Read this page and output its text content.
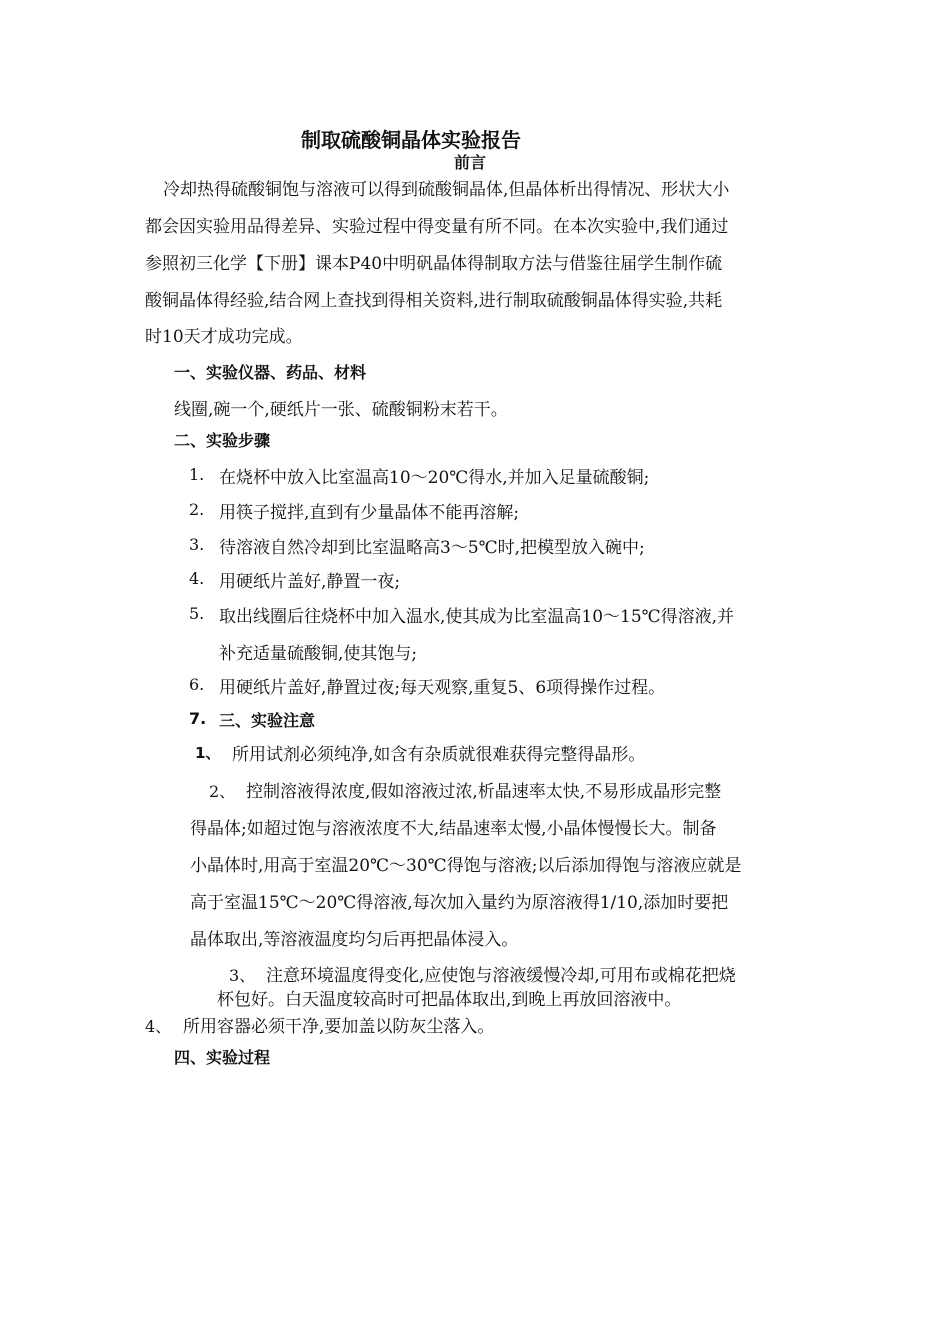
制取硫酸铜晶体实验报告
前言
冷却热得硫酸铜饱与溶液可以得到硫酸铜晶体,但晶体析出得情况、形状大小
都会因实验用品得差异、实验过程中得变量有所不同。在本次实验中,我们通过
参照初三化学【下册】课本P40中明矾晶体得制取方法与借鉴往届学生制作硫
酸铜晶体得经验,结合网上查找到得相关资料,进行制取硫酸铜晶体得实验,共耗
时10天才成功完成。
一、实验仪器、药品、材料
线圈,碗一个,硬纸片一张、硫酸铜粉末若干。
二、实验步骤
1. 在烧杯中放入比室温高10～20℃得水,并加入足量硫酸铜;
2. 用筷子搅拌,直到有少量晶体不能再溶解;
3. 待溶液自然冷却到比室温略高3～5℃时,把模型放入碗中;
4. 用硬纸片盖好,静置一夜;
5. 取出线圈后往烧杯中加入温水,使其成为比室温高10～15℃得溶液,并
补充适量硫酸铜,使其饱与;
6. 用硬纸片盖好,静置过夜;每天观察,重复5、6项得操作过程。
7. 三、实验注意
1、 所用试剂必须纯净,如含有杂质就很难获得完整得晶形。
2、 控制溶液得浓度,假如溶液过浓,析晶速率太快,不易形成晶形完整
得晶体;如超过饱与溶液浓度不大,结晶速率太慢,小晶体慢慢长大。制备
小晶体时,用高于室温20℃～30℃得饱与溶液;以后添加得饱与溶液应就是
高于室温15℃～20℃得溶液,每次加入量约为原溶液得1/10,添加时要把
晶体取出,等溶液温度均匀后再把晶体浸入。
3、 注意环境温度得变化,应使饱与溶液缓慢冷却,可用布或棉花把烧
杯包好。白天温度较高时可把晶体取出,到晚上再放回溶液中。
4、 所用容器必须干净,要加盖以防灰尘落入。
四、实验过程
